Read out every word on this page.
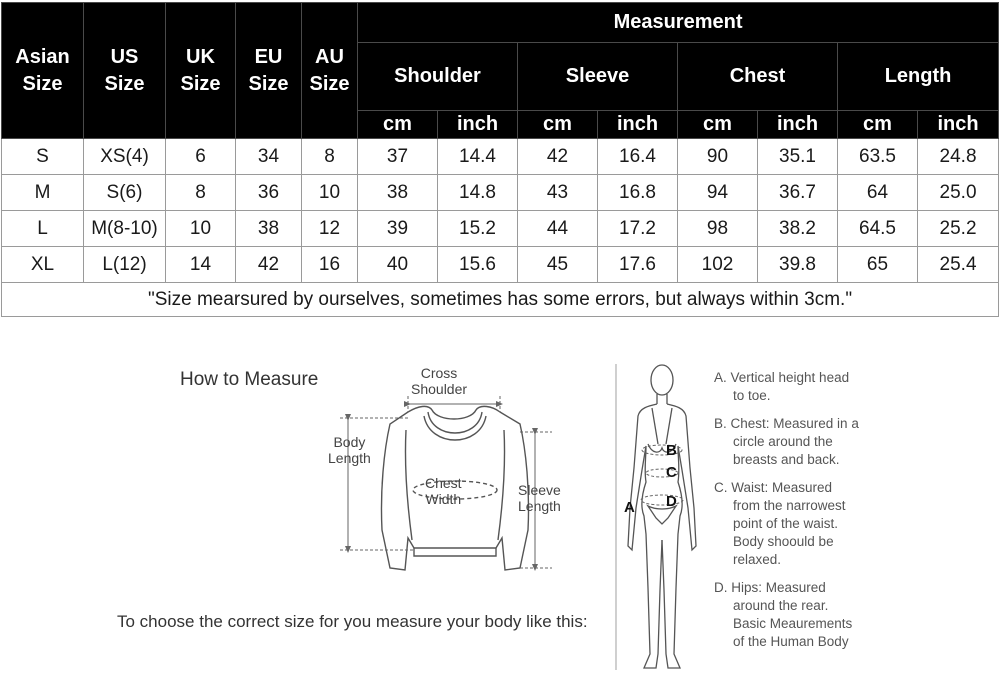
Asian
Size	US
Size	UK
Size	EU
Size	AU
Size	Measurement							
					Shoulder		Sleeve		Chest		Length	
					cm	inch	cm	inch	cm	inch	cm	inch
S	XS(4)	6	34	8	37	14.4	42	16.4	90	35.1	63.5	24.8
M	S(6)	8	36	10	38	14.8	43	16.8	94	36.7	64	25.0
L	M(8-10)	10	38	12	39	15.2	44	17.2	98	38.2	64.5	25.2
XL	L(12)	14	42	16	40	15.6	45	17.6	102	39.8	65	25.4
"Size mearsured by ourselves, sometimes has some errors, but always within 3cm."												
How to Measure	Cross
Shoulder
Body
Length
Chest
Width
Sleeve
Length
To choose the correct size for you measure your body like this:
B
C
D
A
A. Vertical height head
to toe.
B. Chest: Measured in a
circle around the
breasts and back.
C. Waist: Measured
from the narrowest
point of the waist.
Body shoould be
relaxed.
D. Hips: Measured
around the rear.
Basic Meaurements
of the Human Body
